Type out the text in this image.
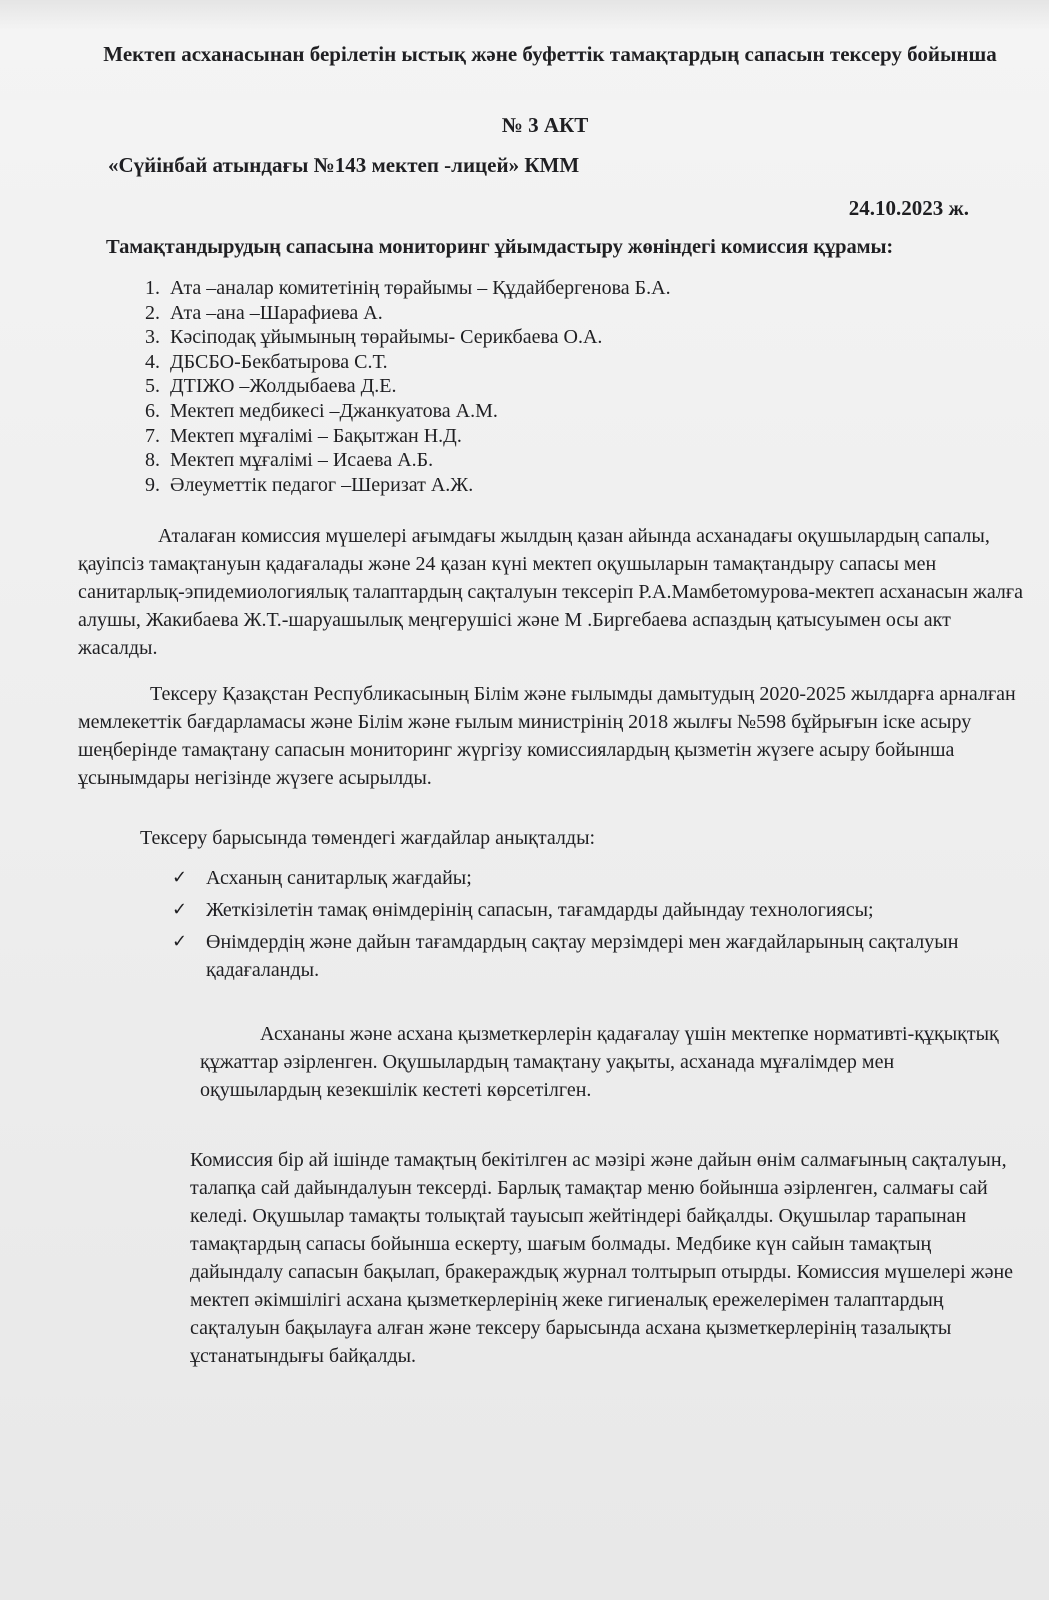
Мектеп асханасынан берілетін ыстық және буфеттік тамақтардың сапасын тексеру бойынша
№ 3 АКТ
«Сүйінбай атындағы №143 мектеп -лицей» КММ
24.10.2023 ж.
Тамақтандырудың сапасына мониторинг ұйымдастыру жөніндегі комиссия құрамы:
1. Ата –аналар комитетінің төрайымы – Құдайбергенова Б.А.
2. Ата –ана –Шарафиева А.
3. Кәсіподақ ұйымының төрайымы- Серикбаева О.А.
4. ДБСБО-Бекбатырова С.Т.
5. ДТІЖО –Жолдыбаева Д.Е.
6. Мектеп медбикесі –Джанкуатова А.М.
7. Мектеп мұғалімі – Бақытжан Н.Д.
8. Мектеп мұғалімі – Исаева А.Б.
9. Әлеуметтік педагог –Шеризат А.Ж.

Аталаған комиссия мүшелері ағымдағы жылдың қазан айында асханадағы оқушылардың сапалы, қауіпсіз тамақтануын қадағалады және 24 қазан күні мектеп оқушыларын тамақтандыру сапасы мен санитарлық-эпидемиологиялық талаптардың сақталуын тексеріп Р.А.Мамбетомурова-мектеп асханасын жалға алушы, Жакибаева Ж.Т.-шаруашылық меңгерушісі және М .Биргебаева аспаздың қатысуымен осы акт жасалды.

Тексеру Қазақстан Республикасының Білім және ғылымды дамытудың 2020-2025 жылдарға арналған мемлекеттік бағдарламасы және Білім және ғылым министрінің 2018 жылғы №598 бұйрығын іске асыру шеңберінде тамақтану сапасын мониторинг жүргізу комиссиялардың қызметін жүзеге асыру бойынша ұсынымдары негізінде жүзеге асырылды.

Тексеру барысында төмендегі жағдайлар анықталды:

✓ Асханың санитарлық жағдайы;
✓ Жеткізілетін тамақ өнімдерінің сапасын, тағамдарды дайындау технологиясы;
✓ Өнімдердің және дайын тағамдардың сақтау мерзімдері мен жағдайларының сақталуын қадағаланды.

Асхананы және асхана қызметкерлерін қадағалау үшін мектепке нормативті-құқықтық құжаттар әзірленген. Оқушылардың тамақтану уақыты, асханада мұғалімдер мен оқушылардың кезекшілік кестеті көрсетілген.

Комиссия бір ай ішінде тамақтың бекітілген ас мәзірі және дайын өнім салмағының сақталуын, талапқа сай дайындалуын тексерді. Барлық тамақтар меню бойынша әзірленген, салмағы сай келеді. Оқушылар тамақты толықтай тауысып жейтіндері байқалды. Оқушылар тарапынан тамақтардың сапасы бойынша ескерту, шағым болмады. Медбике күн сайын тамақтың дайындалу сапасын бақылап, бракераждық журнал толтырып отырды. Комиссия мүшелері және мектеп әкімшілігі асхана қызметкерлерінің жеке гигиеналық ережелерімен талаптардың сақталуын бақылауға алған және тексеру барысында асхана қызметкерлерінің тазалықты ұстанатындығы байқалды.
